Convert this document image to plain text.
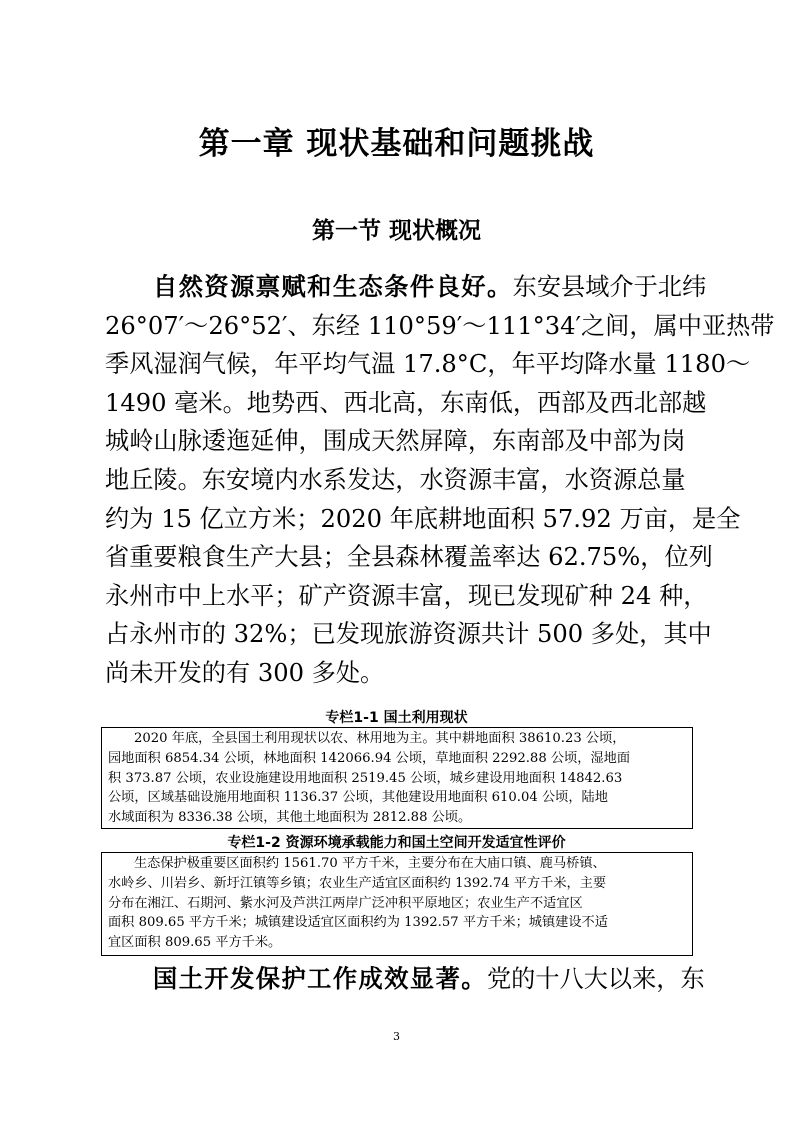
第一章 现状基础和问题挑战
第一节 现状概况
自然资源禀赋和生态条件良好。东安县域介于北纬
26°07′～26°52′、东经 110°59′～111°34′之间，属中亚热带
季风湿润气候，年平均气温 17.8°C，年平均降水量 1180～
1490 毫米。地势西、西北高，东南低，西部及西北部越
城岭山脉逶迤延伸，围成天然屏障，东南部及中部为岗
地丘陵。东安境内水系发达，水资源丰富，水资源总量
约为 15 亿立方米；2020 年底耕地面积 57.92 万亩，是全
省重要粮食生产大县；全县森林覆盖率达 62.75%，位列
永州市中上水平；矿产资源丰富，现已发现矿种 24 种，
占永州市的 32%；已发现旅游资源共计 500 多处，其中
尚未开发的有 300 多处。
专栏1-1 国土利用现状
2020 年底，全县国土利用现状以农、林用地为主。其中耕地面积 38610.23 公顷，
园地面积 6854.34 公顷，林地面积 142066.94 公顷，草地面积 2292.88 公顷，湿地面
积 373.87 公顷，农业设施建设用地面积 2519.45 公顷，城乡建设用地面积 14842.63
公顷，区域基础设施用地面积 1136.37 公顷，其他建设用地面积 610.04 公顷，陆地
水域面积为 8336.38 公顷，其他土地面积为 2812.88 公顷。
专栏1-2 资源环境承载能力和国土空间开发适宜性评价
生态保护极重要区面积约 1561.70 平方千米，主要分布在大庙口镇、鹿马桥镇、
水岭乡、川岩乡、新圩江镇等乡镇；农业生产适宜区面积约 1392.74 平方千米，主要
分布在湘江、石期河、紫水河及芦洪江两岸广泛冲积平原地区；农业生产不适宜区
面积 809.65 平方千米；城镇建设适宜区面积约为 1392.57 平方千米；城镇建设不适
宜区面积 809.65 平方千米。
国土开发保护工作成效显著。党的十八大以来，东
3
